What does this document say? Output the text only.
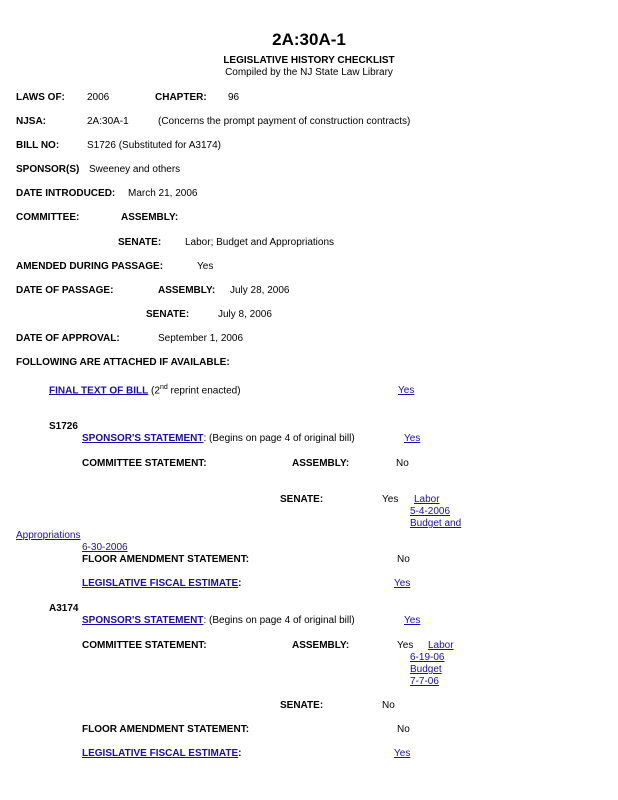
2A:30A-1
LEGISLATIVE HISTORY CHECKLIST
Compiled by the NJ State Law Library
LAWS OF: 2006	CHAPTER: 96
NJSA:	2A:30A-1	(Concerns the prompt payment of construction contracts)
BILL NO:	S1726 (Substituted for A3174)
SPONSOR(S) Sweeney and others
DATE INTRODUCED: March 21, 2006
COMMITTEE:	ASSEMBLY:
SENATE: Labor; Budget and Appropriations
AMENDED DURING PASSAGE:	Yes
DATE OF PASSAGE:	ASSEMBLY: July 28, 2006
SENATE:	July 8, 2006
DATE OF APPROVAL:	September 1, 2006
FOLLOWING ARE ATTACHED IF AVAILABLE:
FINAL TEXT OF BILL (2nd reprint enacted)	Yes
S1726
SPONSOR'S STATEMENT: (Begins on page 4 of original bill)	Yes
COMMITTEE STATEMENT:	ASSEMBLY:	No
SENATE:	Yes Labor
5-4-2006
Budget and
Appropriations
6-30-2006
FLOOR AMENDMENT STATEMENT:	No
LEGISLATIVE FISCAL ESTIMATE:	Yes
A3174
SPONSOR'S STATEMENT: (Begins on page 4 of original bill)	Yes
COMMITTEE STATEMENT:	ASSEMBLY:	Yes Labor
6-19-06
Budget
7-7-06
SENATE:	No
FLOOR AMENDMENT STATEMENT:	No
LEGISLATIVE FISCAL ESTIMATE:	Yes
